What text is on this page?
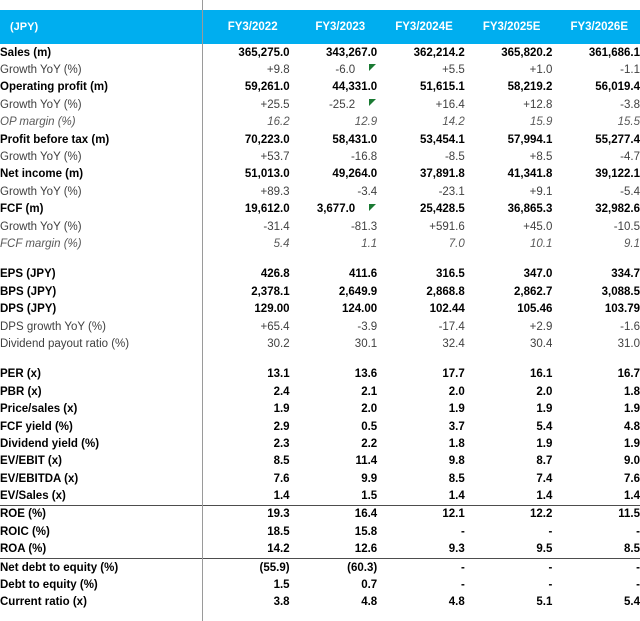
(JPY)	FY3/2022	FY3/2023	FY3/2024E	FY3/2025E	FY3/2026E
Sales (m)	365,275.0	343,267.0	362,214.2	365,820.2	361,686.1
Growth YoY (%)	+9.8	-6.0	+5.5	+1.0	-1.1
Operating profit (m)	59,261.0	44,331.0	51,615.1	58,219.2	56,019.4
Growth YoY (%)	+25.5	-25.2	+16.4	+12.8	-3.8
OP margin (%)	16.2	12.9	14.2	15.9	15.5
Profit before tax (m)	70,223.0	58,431.0	53,454.1	57,994.1	55,277.4
Growth YoY (%)	+53.7	-16.8	-8.5	+8.5	-4.7
Net income (m)	51,013.0	49,264.0	37,891.8	41,341.8	39,122.1
Growth YoY (%)	+89.3	-3.4	-23.1	+9.1	-5.4
FCF (m)	19,612.0	3,677.0	25,428.5	36,865.3	32,982.6
Growth YoY (%)	-31.4	-81.3	+591.6	+45.0	-10.5
FCF margin (%)	5.4	1.1	7.0	10.1	9.1

EPS (JPY)	426.8	411.6	316.5	347.0	334.7
BPS (JPY)	2,378.1	2,649.9	2,868.8	2,862.7	3,088.5
DPS (JPY)	129.00	124.00	102.44	105.46	103.79
DPS growth YoY (%)	+65.4	-3.9	-17.4	+2.9	-1.6
Dividend payout ratio (%)	30.2	30.1	32.4	30.4	31.0

PER (x)	13.1	13.6	17.7	16.1	16.7
PBR (x)	2.4	2.1	2.0	2.0	1.8
Price/sales (x)	1.9	2.0	1.9	1.9	1.9
FCF yield (%)	2.9	0.5	3.7	5.4	4.8
Dividend yield (%)	2.3	2.2	1.8	1.9	1.9
EV/EBIT (x)	8.5	11.4	9.8	8.7	9.0
EV/EBITDA (x)	7.6	9.9	8.5	7.4	7.6
EV/Sales (x)	1.4	1.5	1.4	1.4	1.4
ROE (%)	19.3	16.4	12.1	12.2	11.5
ROIC (%)	18.5	15.8	-	-	-
ROA (%)	14.2	12.6	9.3	9.5	8.5
Net debt to equity (%)	(55.9)	(60.3)	-	-	-
Debt to equity (%)	1.5	0.7	-	-	-
Current ratio (x)	3.8	4.8	4.8	5.1	5.4
